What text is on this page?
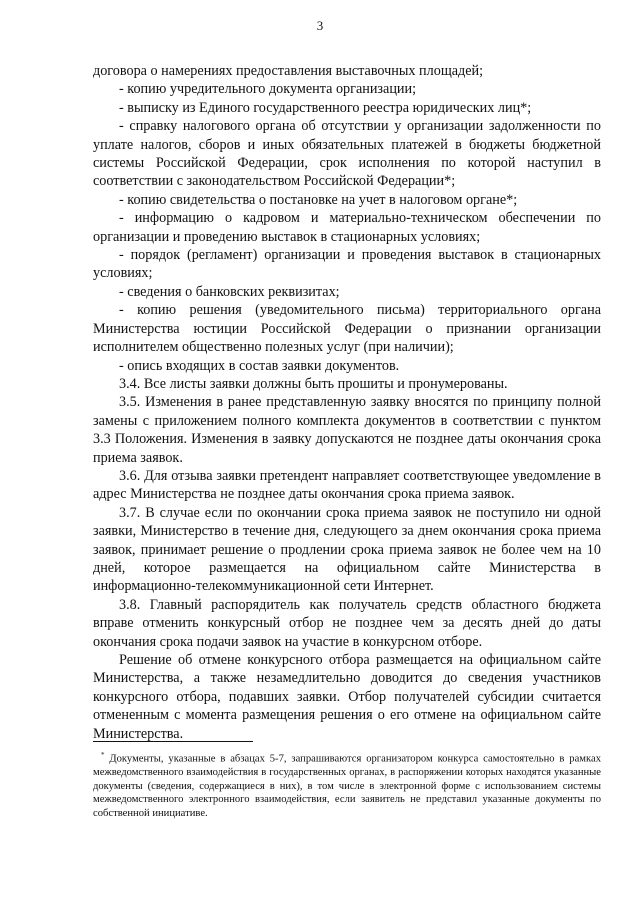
3

договора о намерениях предоставления выставочных площадей;

- копию учредительного документа организации;

- выписку из Единого государственного реестра юридических лиц*;

- справку налогового органа об отсутствии у организации задолженности по уплате налогов, сборов и иных обязательных платежей в бюджеты бюджетной системы Российской Федерации, срок исполнения по которой наступил в соответствии с законодательством Российской Федерации*;

- копию свидетельства о постановке на учет в налоговом органе*;

- информацию о кадровом и материально-техническом обеспечении по организации и проведению выставок в стационарных условиях;

- порядок (регламент) организации и проведения выставок в стационарных условиях;

- сведения о банковских реквизитах;

- копию решения (уведомительного письма) территориального органа Министерства юстиции Российской Федерации о признании организации исполнителем общественно полезных услуг (при наличии);

- опись входящих в состав заявки документов.

3.4. Все листы заявки должны быть прошиты и пронумерованы.

3.5. Изменения в ранее представленную заявку вносятся по принципу полной замены с приложением полного комплекта документов в соответствии с пунктом 3.3 Положения. Изменения в заявку допускаются не позднее даты окончания срока приема заявок.

3.6. Для отзыва заявки претендент направляет соответствующее уведомление в адрес Министерства не позднее даты окончания срока приема заявок.

3.7. В случае если по окончании срока приема заявок не поступило ни одной заявки, Министерство в течение дня, следующего за днем окончания срока приема заявок, принимает решение о продлении срока приема заявок не более чем на 10 дней, которое размещается на официальном сайте Министерства в информационно-телекоммуникационной сети Интернет.

3.8. Главный распорядитель как получатель средств областного бюджета вправе отменить конкурсный отбор не позднее чем за десять дней до даты окончания срока подачи заявок на участие в конкурсном отборе.

Решение об отмене конкурсного отбора размещается на официальном сайте Министерства, а также незамедлительно доводится до сведения участников конкурсного отбора, подавших заявки. Отбор получателей субсидии считается отмененным с момента размещения решения о его отмене на официальном сайте Министерства.

* Документы, указанные в абзацах 5-7, запрашиваются организатором конкурса самостоятельно в рамках межведомственного взаимодействия в государственных органах, в распоряжении которых находятся указанные документы (сведения, содержащиеся в них), в том числе в электронной форме с использованием системы межведомственного электронного взаимодействия, если заявитель не представил указанные документы по собственной инициативе.
